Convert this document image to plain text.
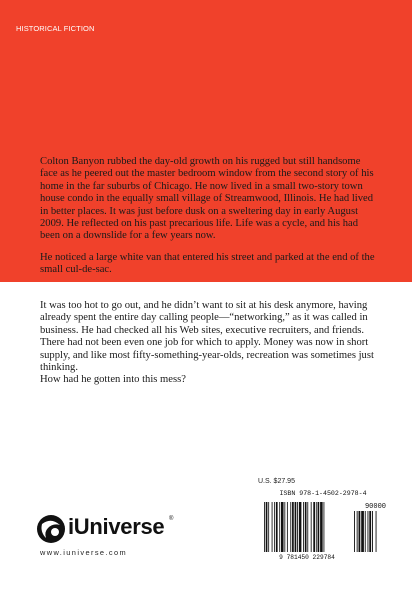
HISTORICAL FICTION

Colton Banyon rubbed the day-old growth on his rugged but still handsome face as he peered out the master bedroom window from the second story of his home in the far suburbs of Chicago. He now lived in a small two-story town house condo in the equally small village of Streamwood, Illinois. He had lived in better places. It was just before dusk on a sweltering day in early August 2009. He reflected on his past precarious life. Life was a cycle, and his had been on a downslide for a few years now.

He noticed a large white van that entered his street and parked at the end of the small cul-de-sac.

It was too hot to go out, and he didn’t want to sit at his desk anymore, having already spent the entire day calling people—“networking,” as it was called in business. He had checked all his Web sites, executive recruiters, and friends. There had not been even one job for which to apply. Money was now in short supply, and like most fifty-something-year-olds, recreation was sometimes just thinking.

How had he gotten into this mess?

U.S. $27.95
ISBN 978-1-4502-2978-4
90000
9 781450 229784
iUniverse ®
www.iuniverse.com
